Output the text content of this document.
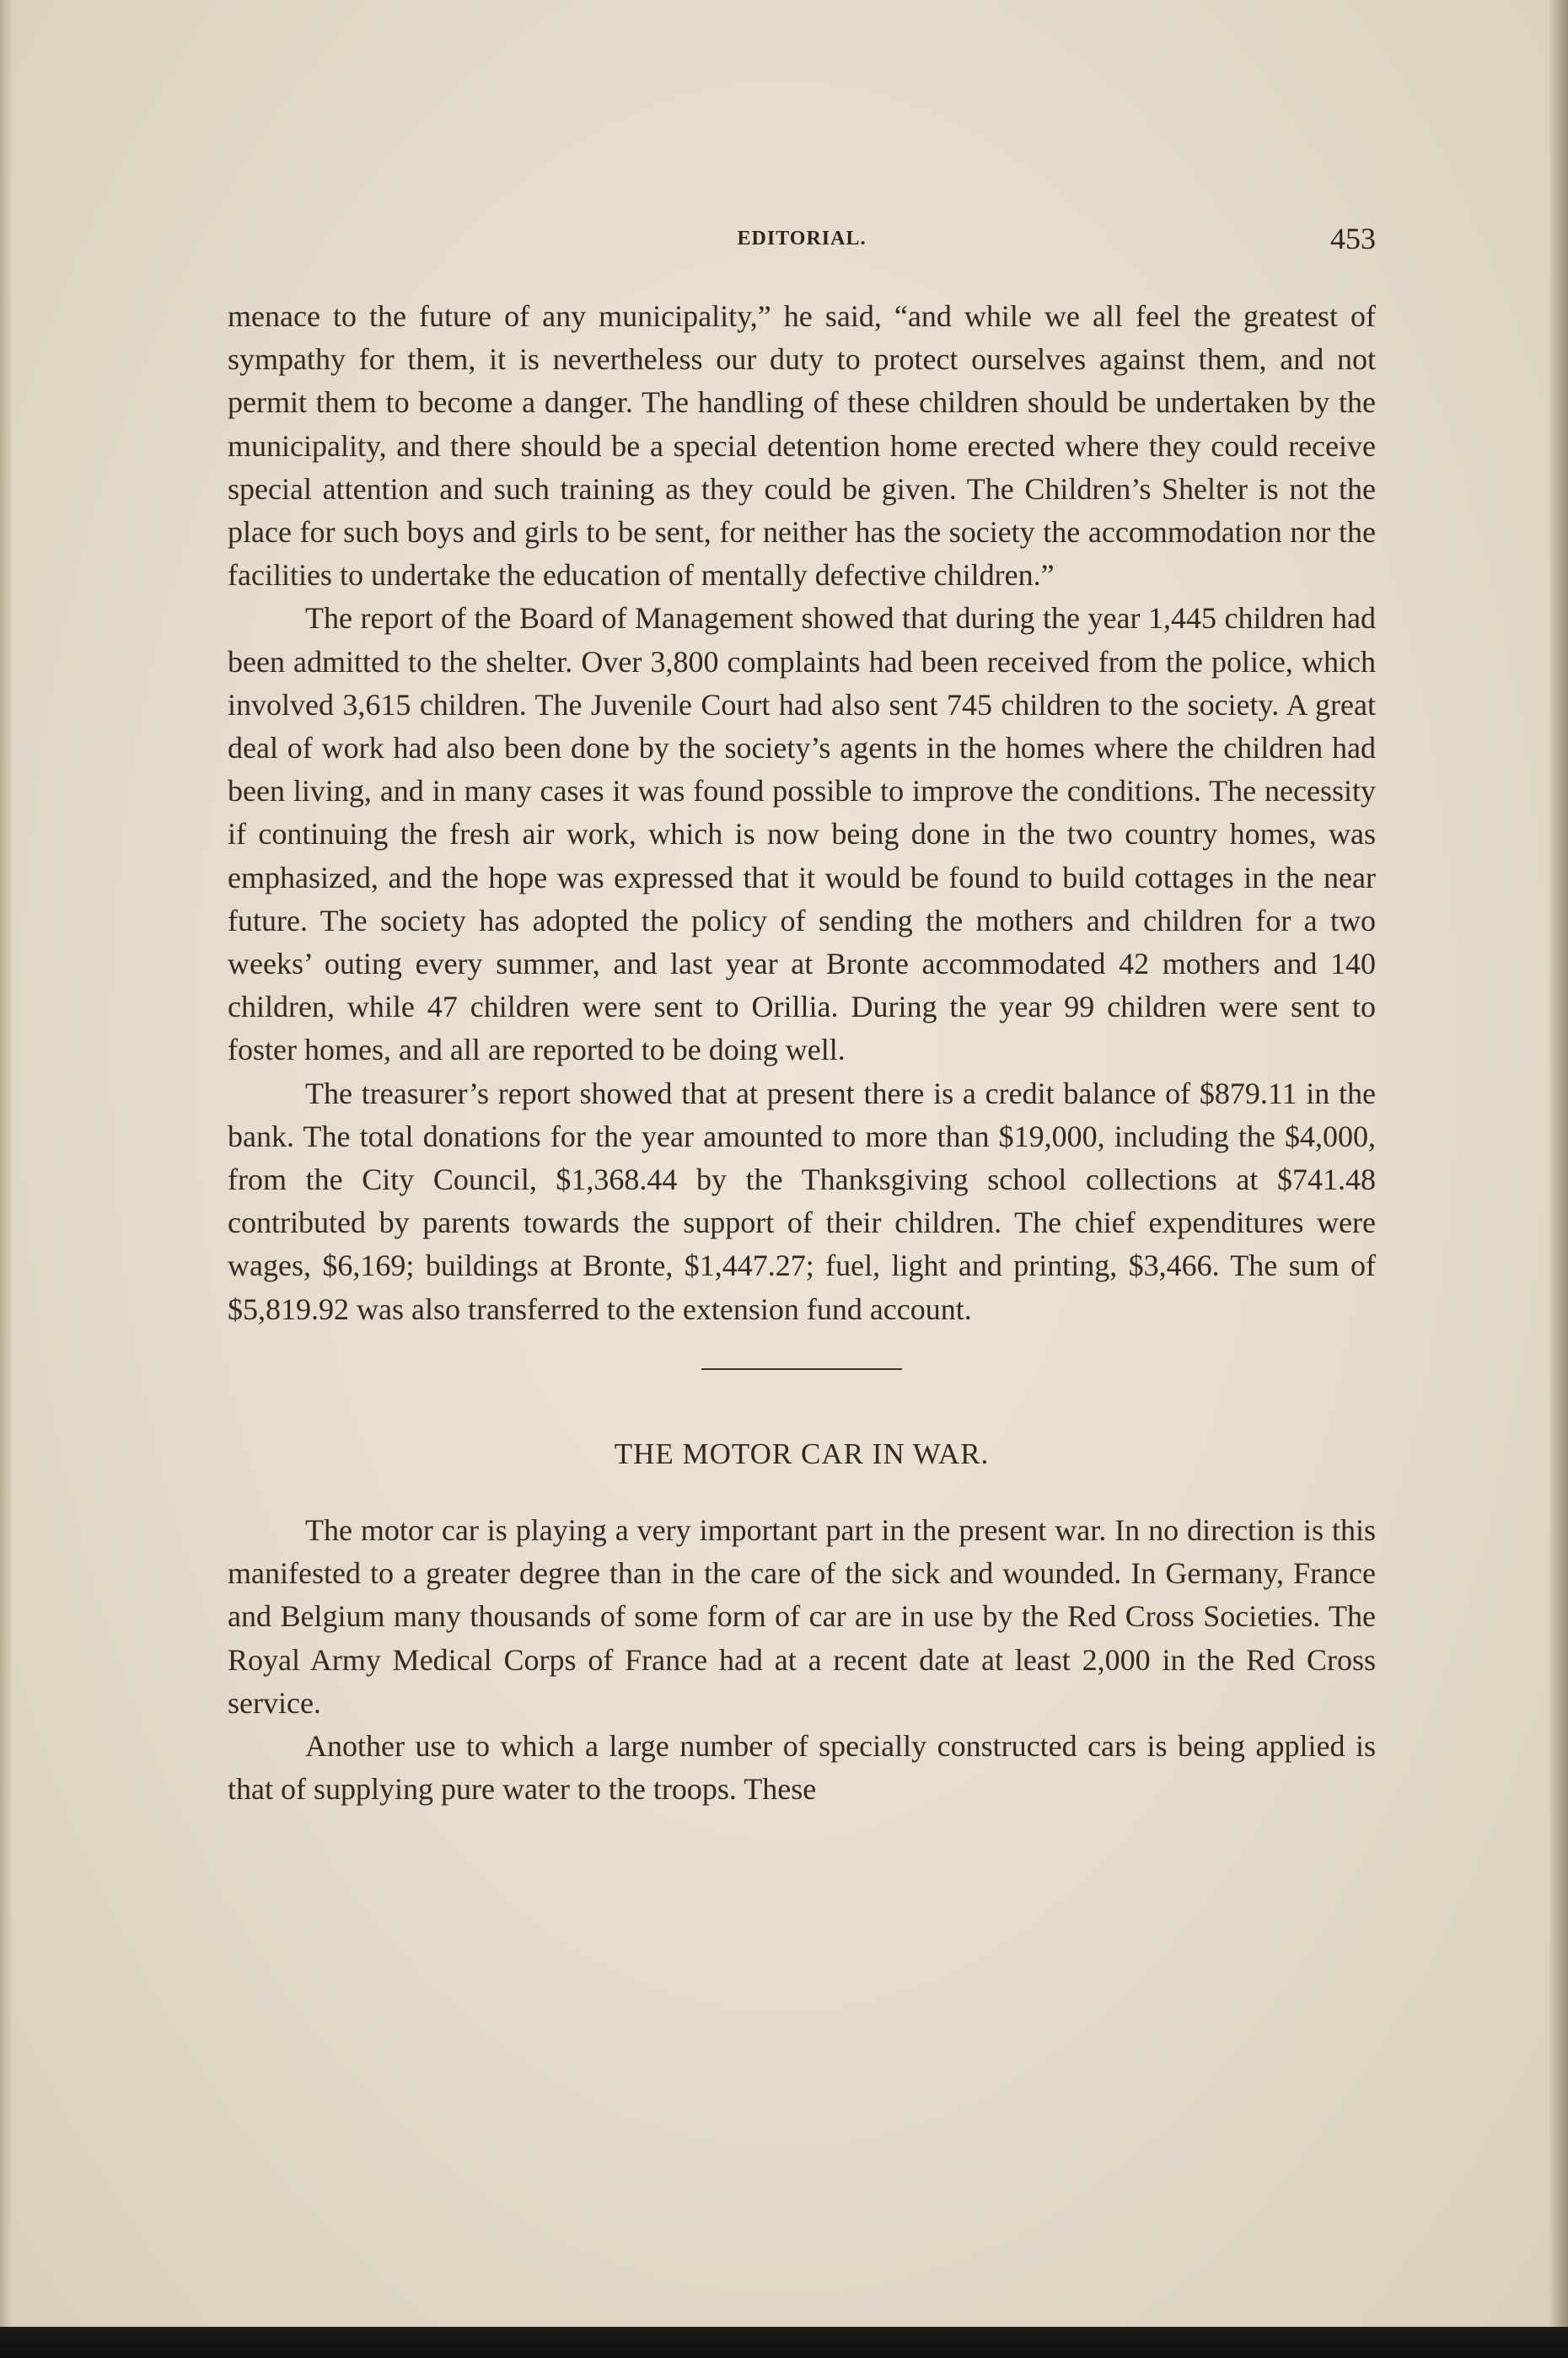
EDITORIAL.	453

menace to the future of any municipality,” he said, “and while we all feel the greatest of sympathy for them, it is nevertheless our duty to protect ourselves against them, and not permit them to become a danger. The handling of these children should be undertaken by the municipality, and there should be a special detention home erected where they could receive special attention and such training as they could be given. The Children’s Shelter is not the place for such boys and girls to be sent, for neither has the society the accommodation nor the facilities to undertake the education of mentally defective children.”

The report of the Board of Management showed that during the year 1,445 children had been admitted to the shelter. Over 3,800 complaints had been received from the police, which involved 3,615 children. The Juvenile Court had also sent 745 children to the society. A great deal of work had also been done by the society’s agents in the homes where the children had been living, and in many cases it was found possible to improve the conditions. The necessity if continuing the fresh air work, which is now being done in the two country homes, was emphasized, and the hope was expressed that it would be found to build cottages in the near future. The society has adopted the policy of sending the mothers and children for a two weeks’ outing every summer, and last year at Bronte accommodated 42 mothers and 140 children, while 47 children were sent to Orillia. During the year 99 children were sent to foster homes, and all are reported to be doing well.

The treasurer’s report showed that at present there is a credit balance of $879.11 in the bank. The total donations for the year amounted to more than $19,000, including the $4,000, from the City Council, $1,368.44 by the Thanksgiving school collections at $741.48 contributed by parents towards the support of their children. The chief expenditures were wages, $6,169; buildings at Bronte, $1,447.27; fuel, light and printing, $3,466. The sum of $5,819.92 was also transferred to the extension fund account.

THE MOTOR CAR IN WAR.

The motor car is playing a very important part in the present war. In no direction is this manifested to a greater degree than in the care of the sick and wounded. In Germany, France and Belgium many thousands of some form of car are in use by the Red Cross Societies. The Royal Army Medical Corps of France had at a recent date at least 2,000 in the Red Cross service.

Another use to which a large number of specially constructed cars is being applied is that of supplying pure water to the troops. These
